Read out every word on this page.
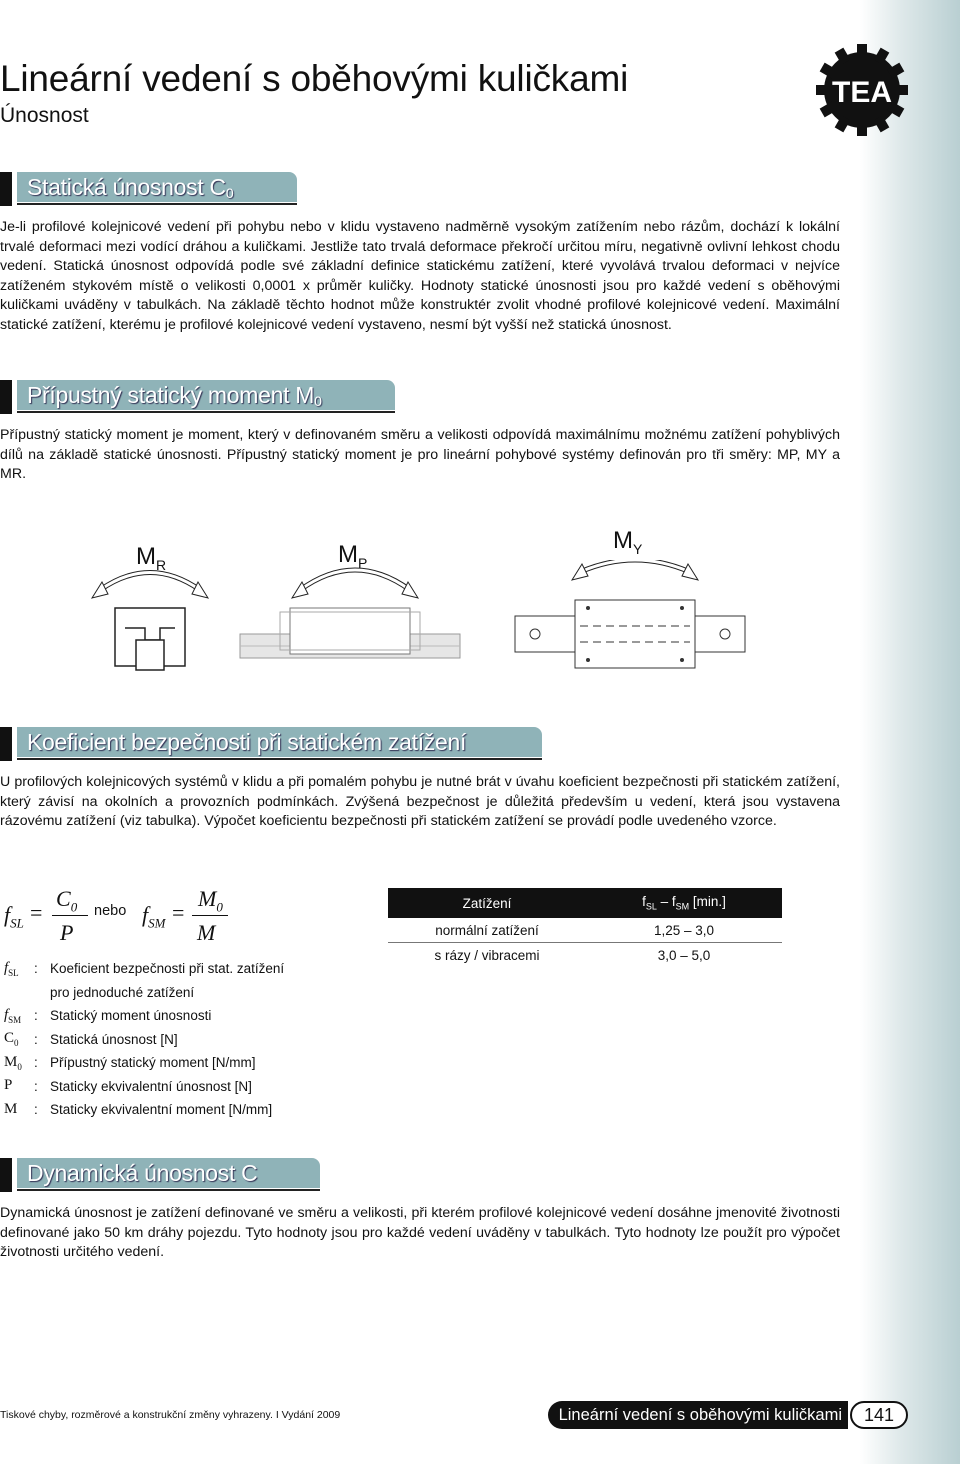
Lineární vedení s oběhovými kuličkami
Únosnost
TEA
Statická únosnost $C_0$

Je-li profilové kolejnicové vedení při pohybu nebo v klidu vystaveno nadměrně vysokým zatížením nebo rázům, dochází k lokální trvalé deformaci mezi vodící dráhou a kuličkami. Jestliže tato trvalá deformace překročí určitou míru, negativně ovlivní lehkost chodu vedení. Statická únosnost odpovídá podle své základní definice statickému zatížení, které vyvolává trvalou deformaci v nejvíce zatíženém stykovém místě o velikosti 0,0001 x průměr kuličky. Hodnoty statické únosnosti jsou pro každé vedení s oběhovými kuličkami uváděny v tabulkách. Na základě těchto hodnot může konstruktér zvolit vhodné profilové kolejnicové vedení. Maximální statické zatížení, kterému je profilové kolejnicové vedení vystaveno, nesmí být vyšší než statická únosnost.

Přípustný statický moment $M_0$

Přípustný statický moment je moment, který v definovaném směru a velikosti odpovídá maximálnímu možnému zatížení pohyblivých dílů na základě statické únosnosti. Přípustný statický moment je pro lineární pohybové systémy definován pro tři směry: MP, MY a MR.

$M_R$	$M_P$
$M_Y$
Koeficient bezpečnosti při statickém zatížení

U profilových kolejnicových systémů v klidu a při pomalém pohybu je nutné brát v úvahu koeficient bezpečnosti při statickém zatížení, který závisí na okolních a provozních podmínkách. Zvýšená bezpečnost je důležitá především u vedení, která jsou vystavena rázovému zatížení (viz tabulka). Výpočet koeficientu bezpečnosti při statickém zatížení se provádí podle uvedeného vzorce.

$f_{SL}$ =
$C_0$
P
nebo $f_{SM}$ =
$M_0$
M
$f_{SL}$	: Koeficient bezpečnosti při stat. zatížení
pro jednoduché zatížení
$f_{SM}$ : Statický moment únosnosti
$C_0$	: Statická únosnost [N]
$M_0$ : Přípustný statický moment [N/mm]
P	: Staticky ekvivalentní únosnost [N]
M	: Staticky ekvivalentní moment [N/mm]
Zatížení	$f_{SL} - f_{SM}$ [min.]
normální zatížení	1,25 – 3,0
s rázy / vibracemi	3,0 – 5,0
Dynamická únosnost C

Dynamická únosnost je zatížení definované ve směru a velikosti, při kterém profilové kolejnicové vedení dosáhne jmenovité životnosti definované jako 50 km dráhy pojezdu. Tyto hodnoty jsou pro každé vedení uváděny v tabulkách. Tyto hodnoty lze použít pro výpočet životnosti určitého vedení.

Tiskové chyby, rozměrové a konstrukční změny vyhrazeny. I Vydání 2009	Lineární vedení s oběhovými kuličkami	141
